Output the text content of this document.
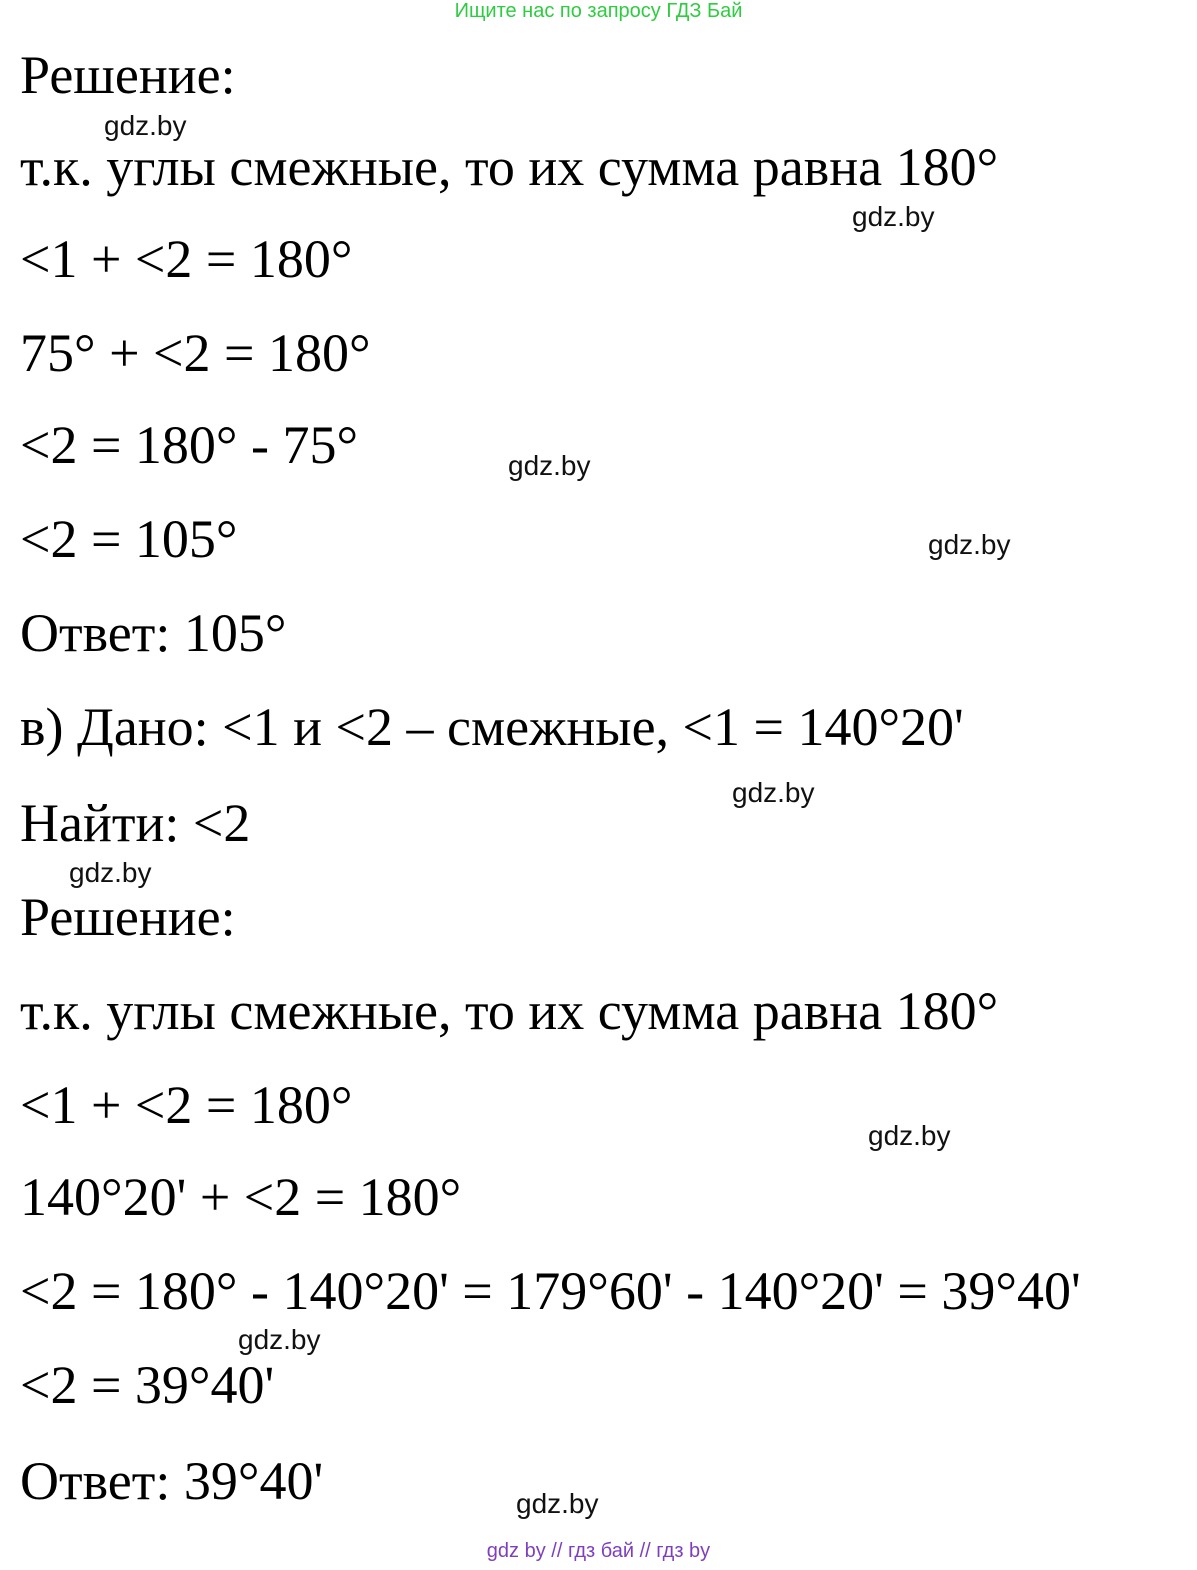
Ищите нас по запросу ГДЗ Бай
Решение:
т.к. углы смежные, то их сумма равна 180°
<1 + <2 = 180°
75° + <2 = 180°
<2 = 180° - 75°
<2 = 105°
Ответ: 105°
в) Дано: <1 и <2 – смежные, <1 = 140°20'
Найти: <2
Решение:
т.к. углы смежные, то их сумма равна 180°
<1 + <2 = 180°
140°20' + <2 = 180°
<2 = 180° - 140°20' = 179°60' - 140°20' = 39°40'
<2 = 39°40'
Ответ: 39°40'
gdz.by
gdz.by
gdz.by
gdz.by
gdz.by
gdz.by
gdz.by
gdz.by
gdz.by
gdz by // гдз бай // гдз by
